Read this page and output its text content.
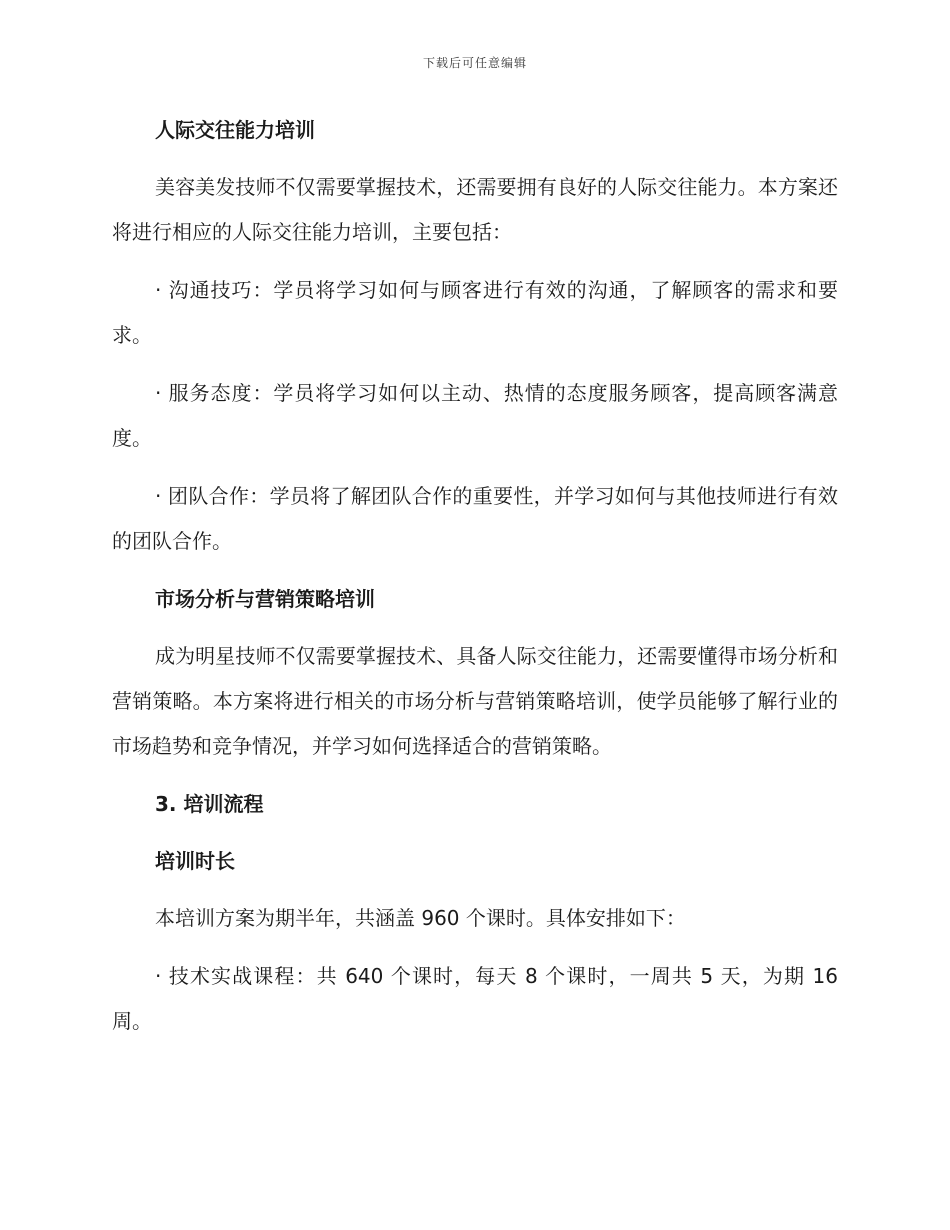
下载后可任意编辑
人际交往能力培训

美容美发技师不仅需要掌握技术，还需要拥有良好的人际交往能力。本方案还将进行相应的人际交往能力培训，主要包括：

· 沟通技巧：学员将学习如何与顾客进行有效的沟通，了解顾客的需求和要求。

· 服务态度：学员将学习如何以主动、热情的态度服务顾客，提高顾客满意度。

· 团队合作：学员将了解团队合作的重要性，并学习如何与其他技师进行有效的团队合作。

市场分析与营销策略培训

成为明星技师不仅需要掌握技术、具备人际交往能力，还需要懂得市场分析和营销策略。本方案将进行相关的市场分析与营销策略培训，使学员能够了解行业的市场趋势和竞争情况，并学习如何选择适合的营销策略。

3. 培训流程
培训时长

本培训方案为期半年，共涵盖 960 个课时。具体安排如下：

· 技术实战课程：共 640 个课时，每天 8 个课时，一周共 5 天，为期 16 周。
